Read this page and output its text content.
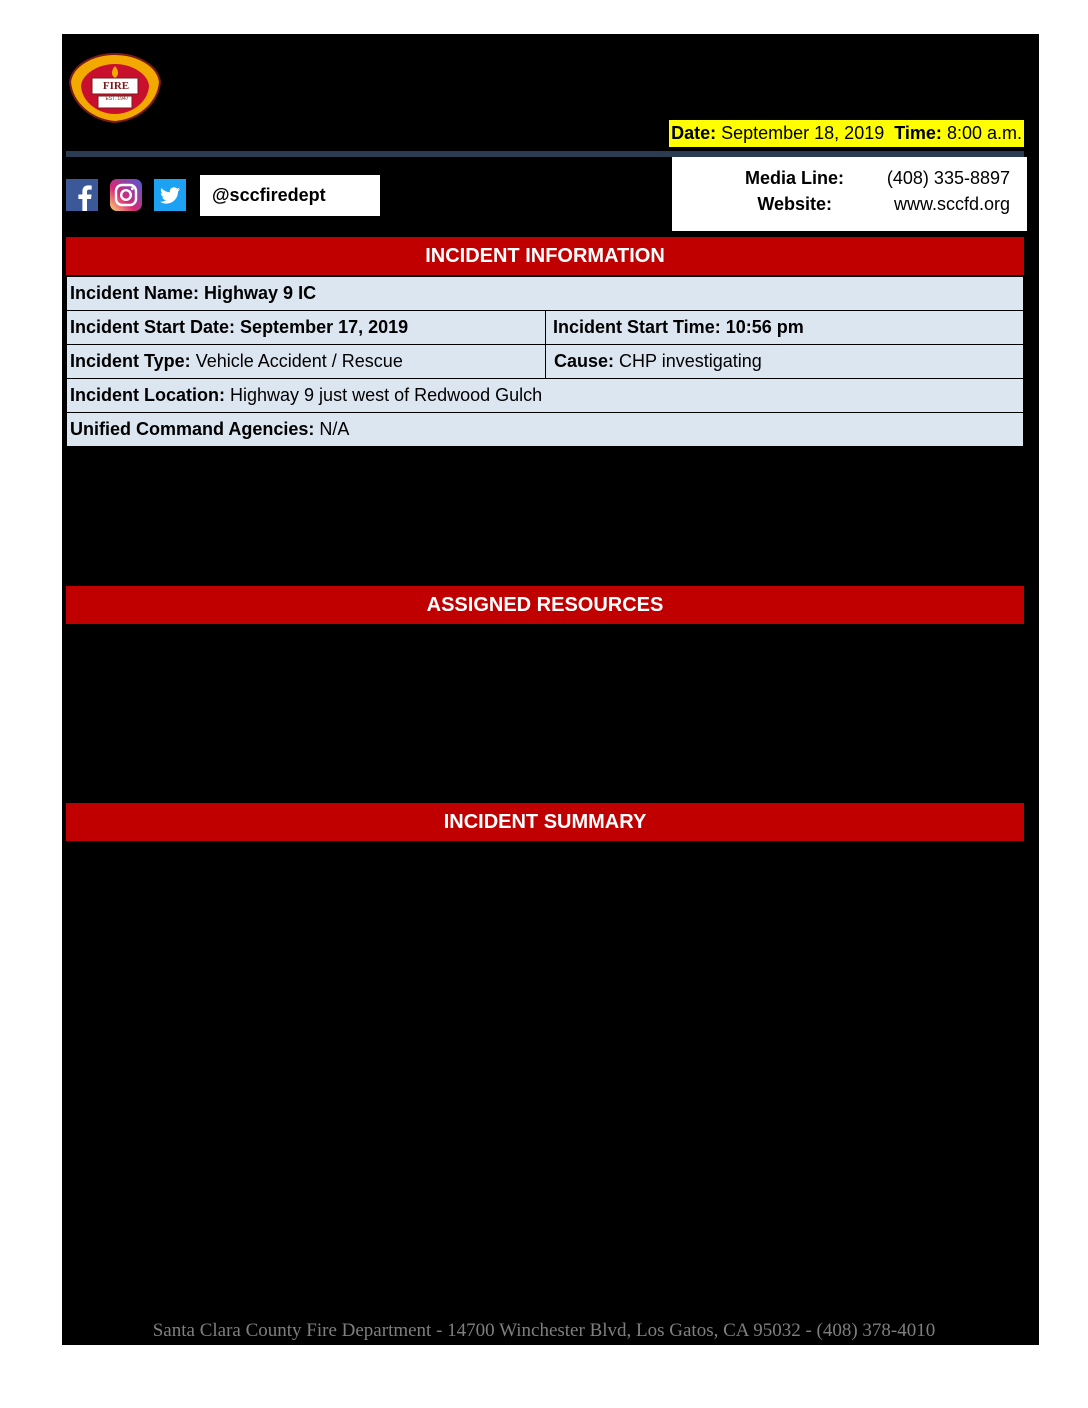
FIRE
EST. 1947
Date: September 18, 2019 Time: 8:00 a.m.
@sccfiredept
Media Line: (408) 335-8897
Website:	www.sccfd.org
INCIDENT INFORMATION
Incident Name: Highway 9 IC	
Incident Start Date: September 17, 2019	Incident Start Time: 10:56 pm
Incident Type: Vehicle Accident / Rescue	Cause: CHP investigating
Incident Location: Highway 9 just west of Redwood Gulch	
Unified Command Agencies: N/A	
ASSIGNED RESOURCES
INCIDENT SUMMARY
Santa Clara County Fire Department - 14700 Winchester Blvd, Los Gatos, CA 95032 - (408) 378-4010
